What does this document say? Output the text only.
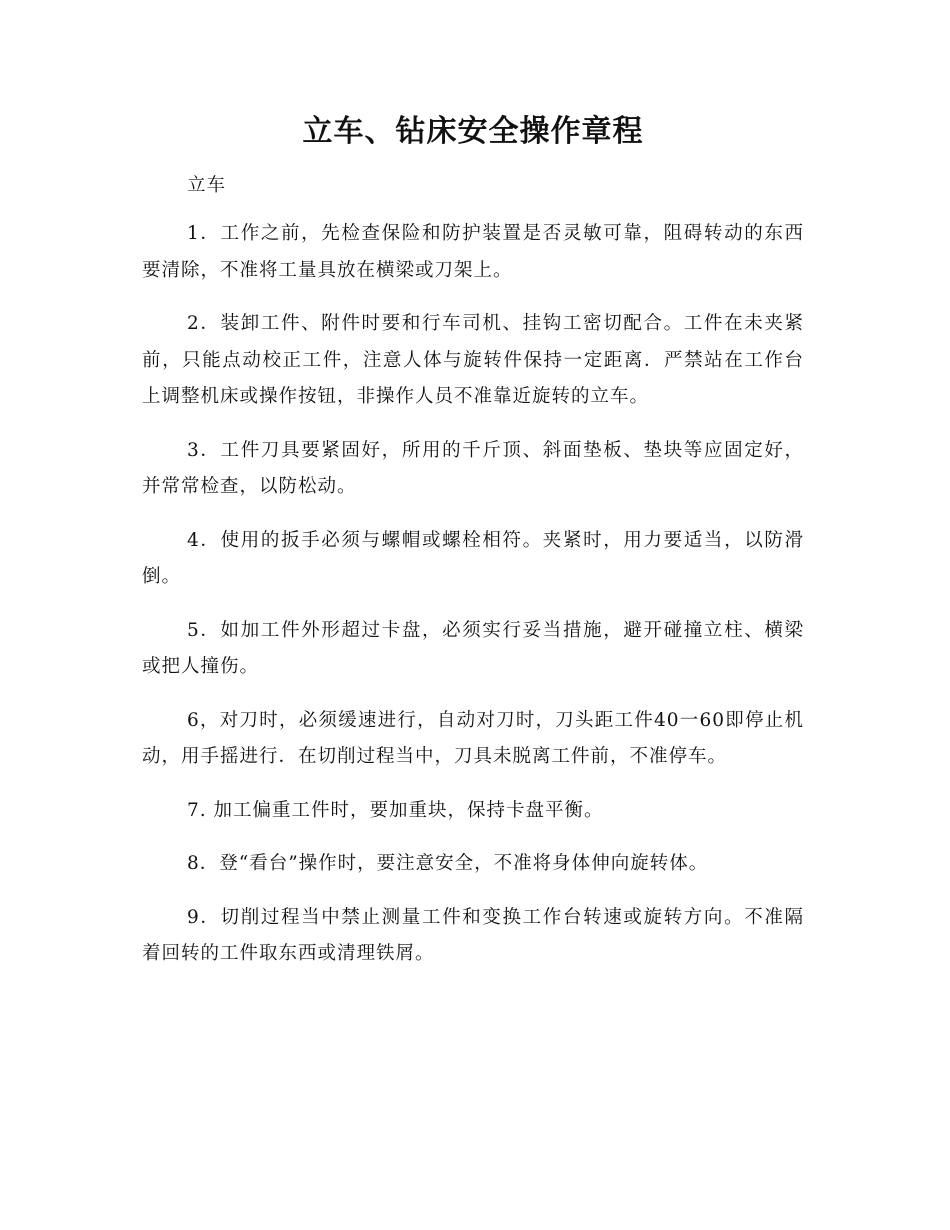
立车、钻床安全操作章程

立车

1．工作之前，先检查保险和防护装置是否灵敏可靠，阻碍转动的东西要清除，不准将工量具放在横梁或刀架上。

2．装卸工件、附件时要和行车司机、挂钩工密切配合。工件在未夹紧前，只能点动校正工件，注意人体与旋转件保持一定距离．严禁站在工作台上调整机床或操作按钮，非操作人员不准靠近旋转的立车。

3．工件刀具要紧固好，所用的千斤顶、斜面垫板、垫块等应固定好，并常常检查，以防松动。

4．使用的扳手必须与螺帽或螺栓相符。夹紧时，用力要适当，以防滑倒。

5．如加工件外形超过卡盘，必须实行妥当措施，避开碰撞立柱、横梁或把人撞伤。

6，对刀时，必须缓速进行，自动对刀时，刀头距工件40一60即停止机动，用手摇进行．在切削过程当中，刀具未脱离工件前，不准停车。

7. 加工偏重工件时，要加重块，保持卡盘平衡。

8．登“看台”操作时，要注意安全，不准将身体伸向旋转体。

9．切削过程当中禁止测量工件和变换工作台转速或旋转方向。不准隔着回转的工件取东西或清理铁屑。
